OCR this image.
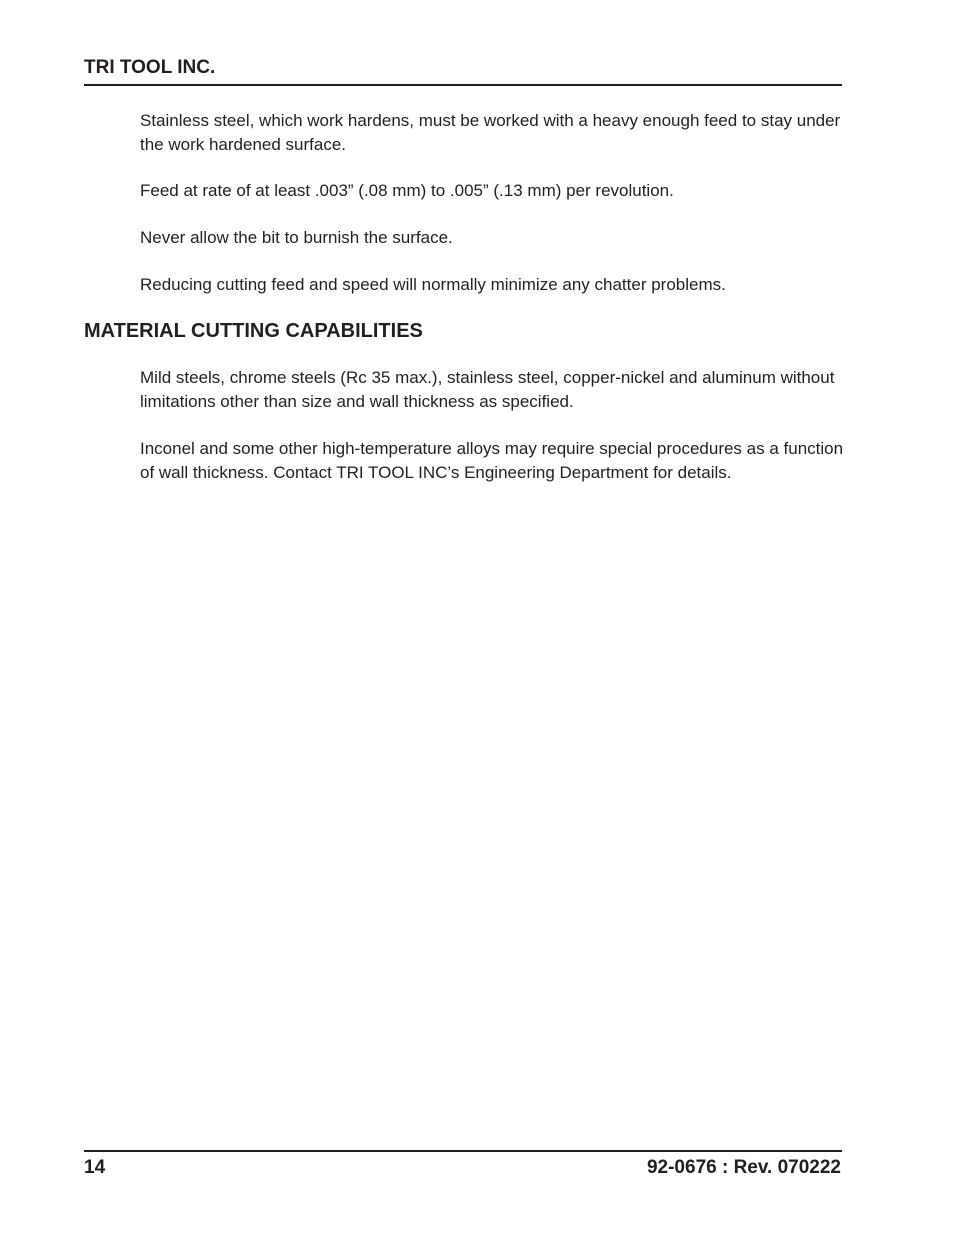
TRI TOOL INC.

Stainless steel, which work hardens, must be worked with a heavy enough feed to stay under the work hardened surface.

Feed at rate of at least .003” (.08 mm) to .005” (.13 mm) per revolution.

Never allow the bit to burnish the surface.

Reducing cutting feed and speed will normally minimize any chatter problems.

MATERIAL CUTTING CAPABILITIES

Mild steels, chrome steels (Rc 35 max.), stainless steel, copper-nickel and aluminum without limitations other than size and wall thickness as specified.

Inconel and some other high-temperature alloys may require special procedures as a function of wall thickness. Contact TRI TOOL INC’s Engineering Department for details.

14	92-0676 : Rev. 070222
